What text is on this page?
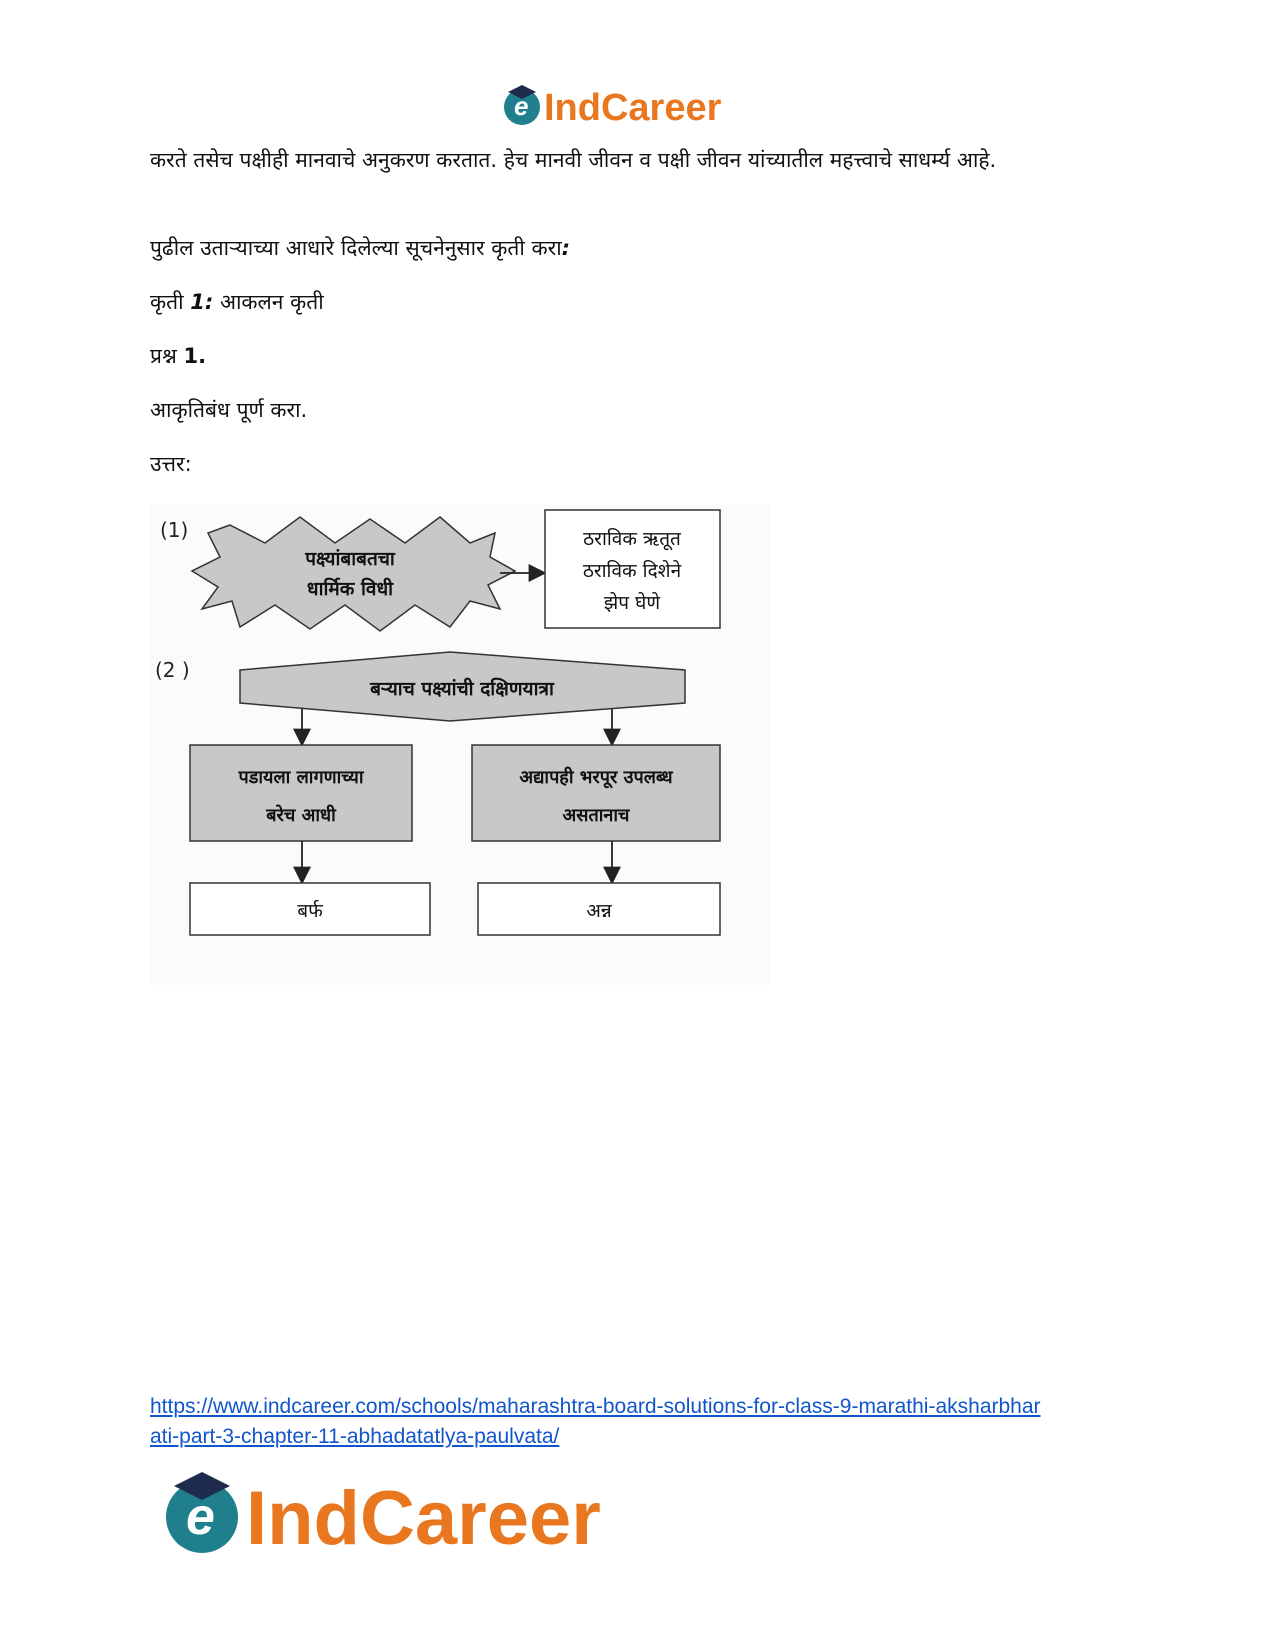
e IndCareer

करते तसेच पक्षीही मानवाचे अनुकरण करतात. हेच मानवी जीवन व पक्षी जीवन यांच्यातील महत्त्वाचे साधर्म्य आहे.

पुढील उताऱ्याच्या आधारे दिलेल्या सूचनेनुसार कृती करा:

कृती 1: आकलन कृती

प्रश्न 1.

आकृतिबंध पूर्ण करा.

उत्तर:

(1)
पक्ष्यांबाबतचा
धार्मिक विधी
ठराविक ऋतूत
ठराविक दिशेने
झेप घेणे
(2 )
बऱ्याच पक्ष्यांची दक्षिणयात्रा
पडायला लागणाच्या
बरेच आधी
अद्यापही भरपूर उपलब्ध
असतानाच
बर्फ	अन्न
https://www.indcareer.com/schools/maharashtra-board-solutions-for-class-9-marathi-aksharbhar
ati-part-3-chapter-11-abhadatatlya-paulvata/
e IndCareer
